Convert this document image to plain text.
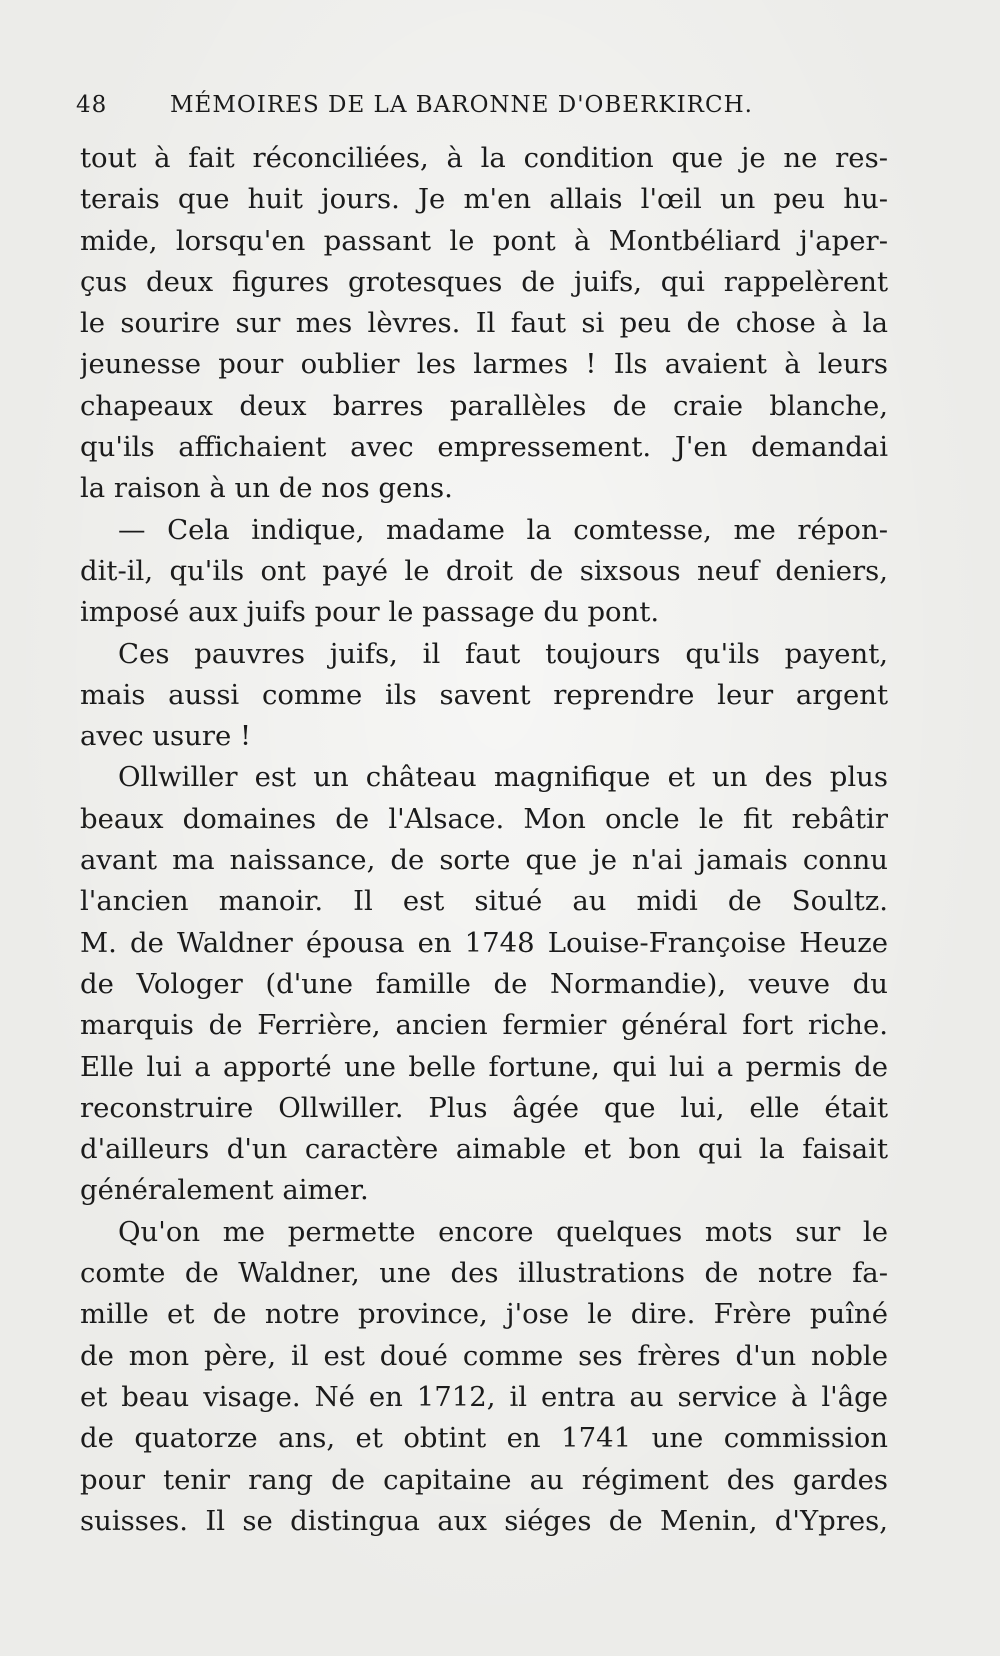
48	MÉMOIRES DE LA BARONNE D'OBERKIRCH.
tout à fait réconciliées, à la condition que je ne res-
terais que huit jours. Je m'en allais l'œil un peu hu-
mide, lorsqu'en passant le pont à Montbéliard j'aper-
çus deux figures grotesques de juifs, qui rappelèrent
le sourire sur mes lèvres. Il faut si peu de chose à la
jeunesse pour oublier les larmes ! Ils avaient à leurs
chapeaux deux barres parallèles de craie blanche,
qu'ils affichaient avec empressement. J'en demandai
la raison à un de nos gens.
— Cela indique, madame la comtesse, me répon-
dit-il, qu'ils ont payé le droit de sixsous neuf deniers,
imposé aux juifs pour le passage du pont.
Ces pauvres juifs, il faut toujours qu'ils payent,
mais aussi comme ils savent reprendre leur argent
avec usure !
Ollwiller est un château magnifique et un des plus
beaux domaines de l'Alsace. Mon oncle le fit rebâtir
avant ma naissance, de sorte que je n'ai jamais connu
l'ancien manoir. Il est situé au midi de Soultz.
M. de Waldner épousa en 1748 Louise-Françoise Heuze
de Vologer (d'une famille de Normandie), veuve du
marquis de Ferrière, ancien fermier général fort riche.
Elle lui a apporté une belle fortune, qui lui a permis de
reconstruire Ollwiller. Plus âgée que lui, elle était
d'ailleurs d'un caractère aimable et bon qui la faisait
généralement aimer.
Qu'on me permette encore quelques mots sur le
comte de Waldner, une des illustrations de notre fa-
mille et de notre province, j'ose le dire. Frère puîné
de mon père, il est doué comme ses frères d'un noble
et beau visage. Né en 1712, il entra au service à l'âge
de quatorze ans, et obtint en 1741 une commission
pour tenir rang de capitaine au régiment des gardes
suisses. Il se distingua aux siéges de Menin, d'Ypres,
